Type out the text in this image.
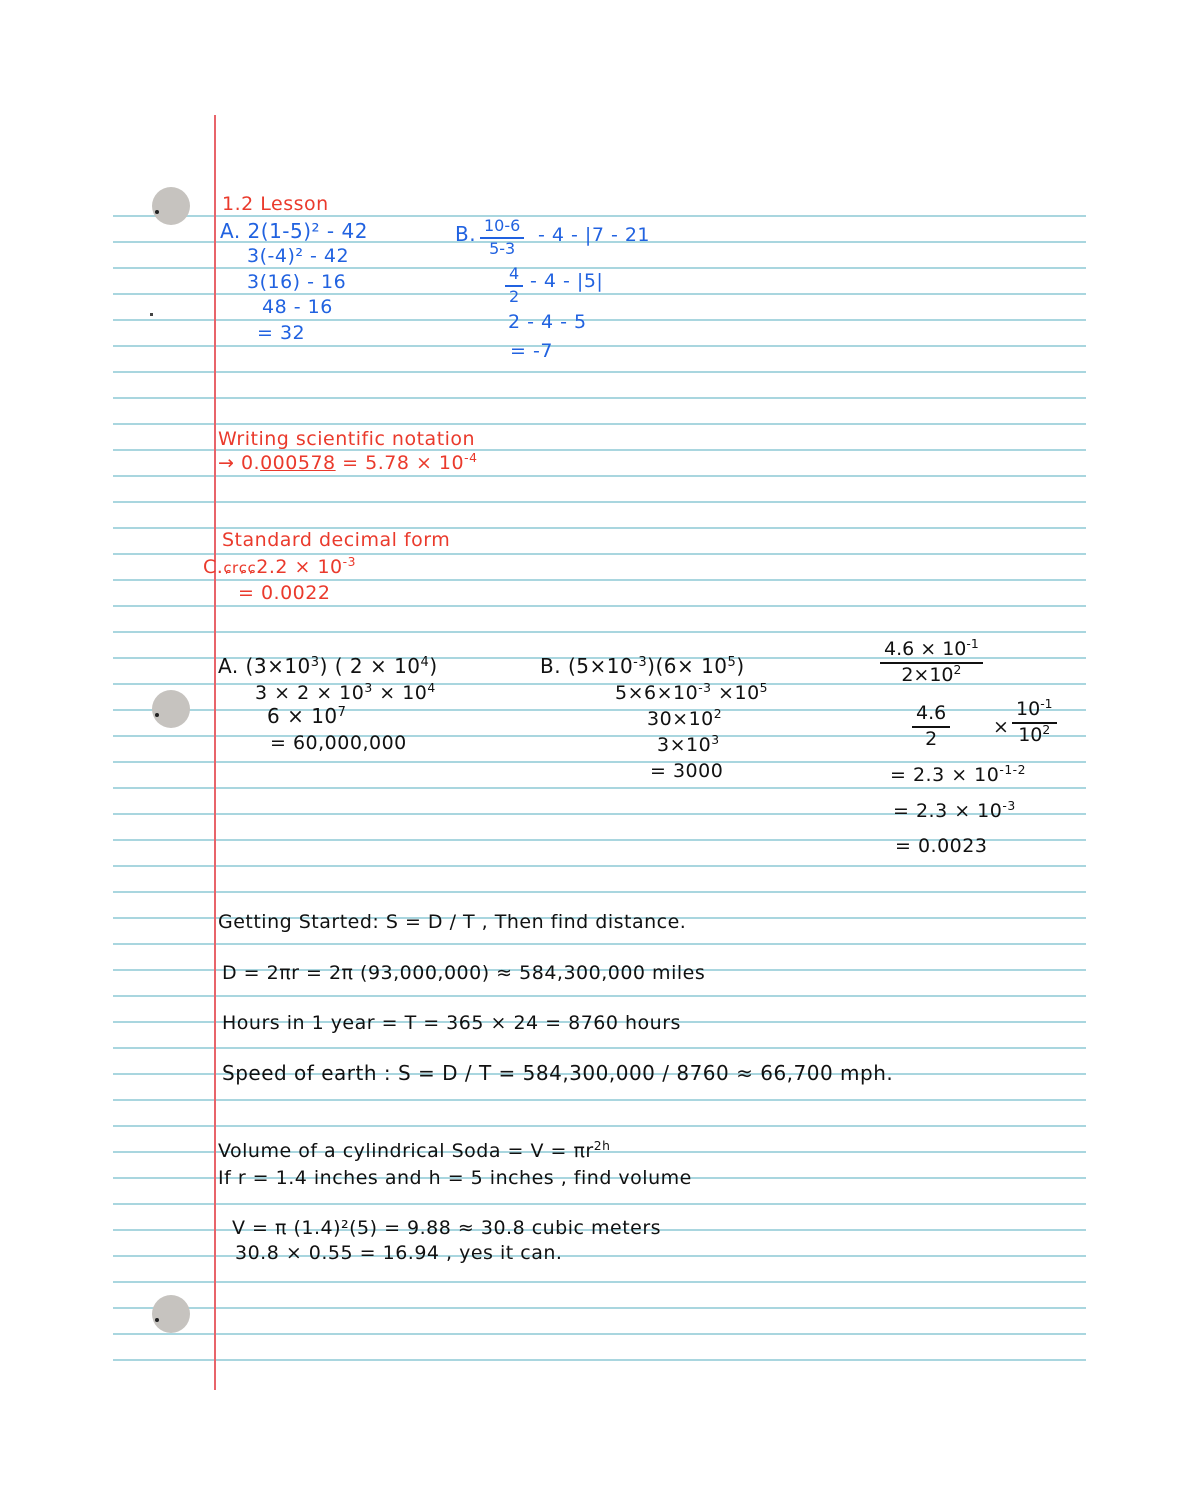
1.2 Lesson
A. 2(1-5)² - 42
3(-4)² - 42
3(16) - 16
48 - 16
= 32
B. $\frac{10-6}{5-3} - 4 - |7 - 21$
$\frac{4}{2} - 4 - |5|$
2 - 4 - 5
= -7
Writing scientific notation
→ $0.000578 = 5.78 \times 10^{-4}$
Standard decimal form
C.ɕrɕɕ2.2 × $10^{-3}$
= 0.0022
A. $(3\times 10^3)$ ( $2 \times 10^4$)
$3 \times 2 \times 10^3 \times 10^4$
$6 \times 10^7$
= 60,000,000
B. $(5\times 10^{-3})(6\times 10^5)$
$5\times 6\times 10^{-3} \times 10^5$
$30\times 10^2$
$3\times 10^3$
= 3000
$\frac{4.6 \times 10^{-1}}{2\times 10^2}$
$\frac{4.6}{2} \times \frac{10^{-1}}{10^2}$
= $2.3 \times 10^{-1-2}$
= $2.3 \times 10^{-3}$
= 0.0023
Getting Started: S = D / T , Then find distance.
D = 2πr = 2π (93,000,000) ≈ 584,300,000 miles
Hours in 1 year = T = 365 × 24 = 8760 hours
Speed of earth : S = D / T = 584,300,000 / 8760 ≈ 66,700 mph.
Volume of a cylindrical Soda = $V = \pi r^{2h}$
If r = 1.4 inches and h = 5 inches , find volume
V = π (1.4)²(5) = 9.88 ≈ 30.8 cubic meters
30.8 × 0.55 = 16.94 , yes it can.
